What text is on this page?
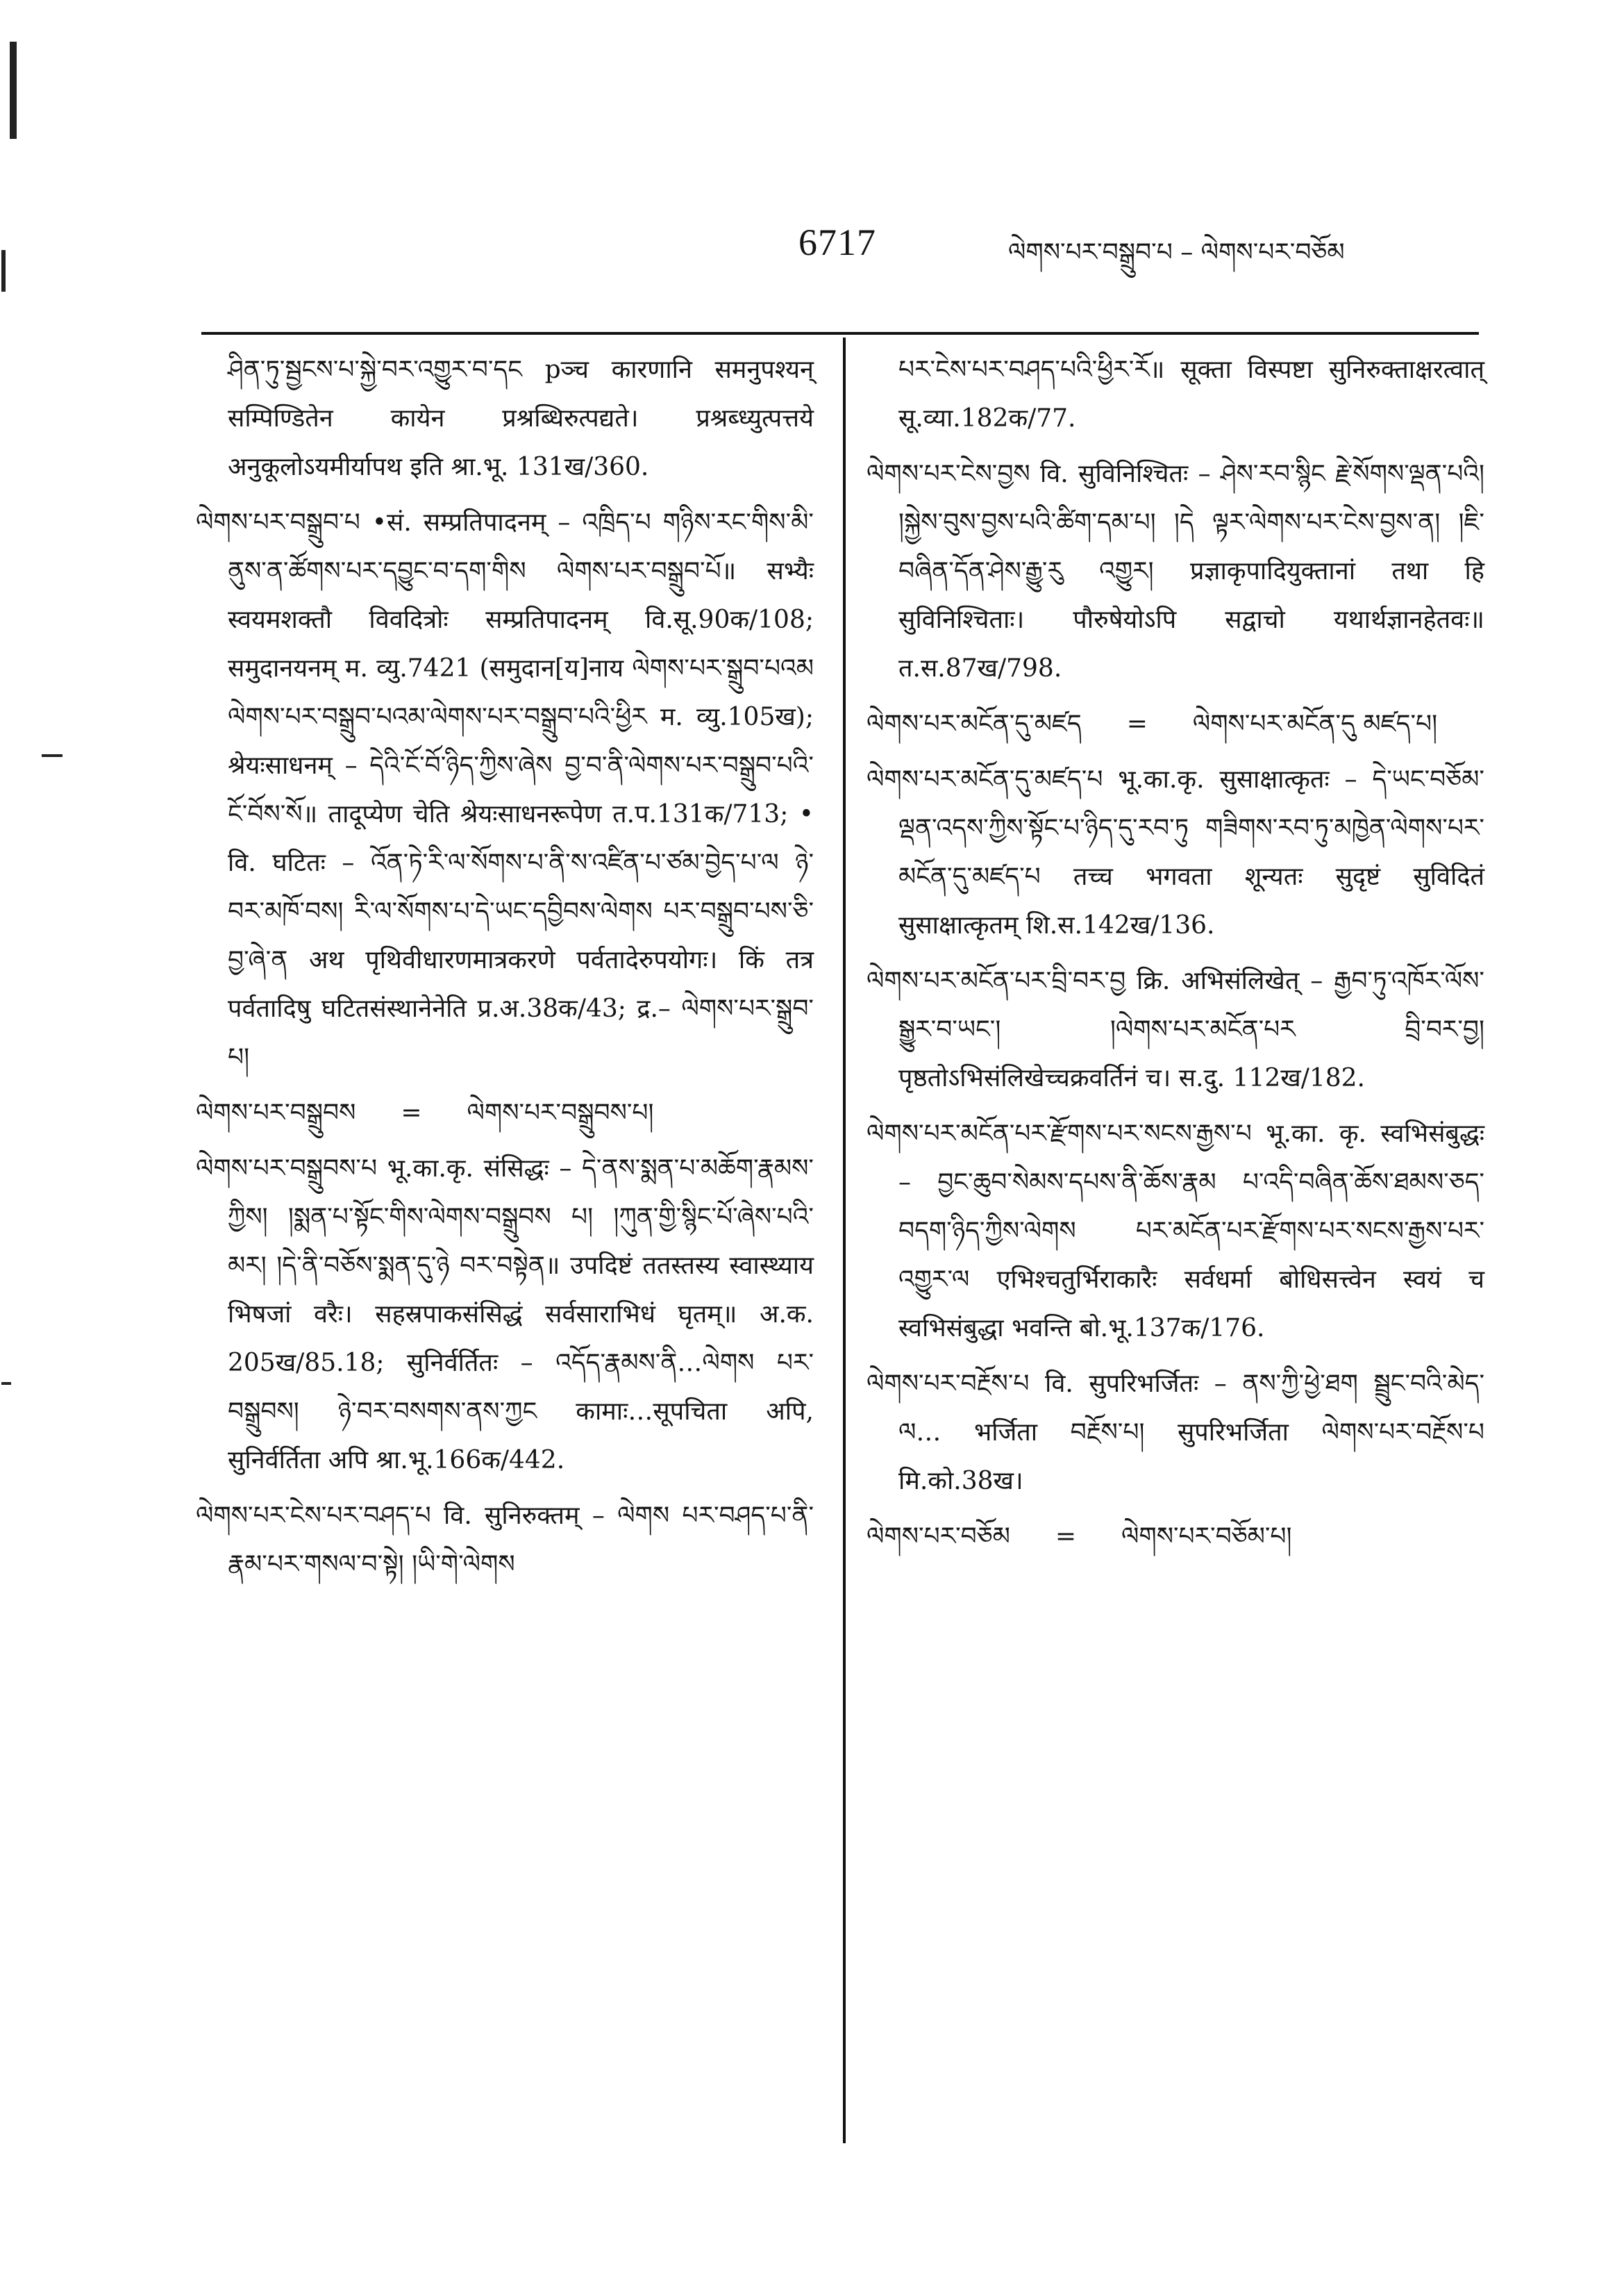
6717	ལེགས་པར་བསྒྲུབ་པ – ལེགས་པར་བཅོམ

ཤིན་ཏུ་སྦྱངས་པ་སྐྱེ་བར་འགྱུར་བ་དང pञ्च कारणानि समनुपश्यन् सम्पिण्डितेन कायेन प्रश्रब्धिरुत्पद्यते। प्रश्रब्ध्युत्पत्तये अनुकूलोऽयमीर्यापथ इति श्रा.भू. 131ख/360.

ལེགས་པར་བསྒྲུབ་པ •सं. सम्प्रतिपादनम् – འཁྲིད་པ གཉིས་རང་གིས་མི་ནུས་ན་ཚོགས་པར་དབྱུང་བ་དག་གིས ལེགས་པར་བསྒྲུབ་པོ॥ सभ्यैः स्वयमशक्तौ विवदित्रोः सम्प्रतिपादनम् वि.सू.90क/108; समुदानयनम् म. व्यु.7421 (समुदान[य]नाय ལེགས་པར་སྒྲུབ་པའམ ལེགས་པར་བསྒྲུབ་པའམ་ལེགས་པར་བསྒྲུབ་པའི་ཕྱིར म. व्यु.105ख); श्रेयःसाधनम् – དེའི་ངོ་བོ་ཉིད་ཀྱིས་ཞེས བྱ་བ་ནི་ལེགས་པར་བསྒྲུབ་པའི་ངོ་བོས་སོ॥ तादूप्येण चेति श्रेयःसाधनरूपेण त.प.131क/713; • वि. घटितः – འོན་ཏེ་རི་ལ་སོགས་པ་ནི་ས་འཛིན་པ་ཙམ་བྱེད་པ་ལ ཉེ་བར་མཁོ་བས། རི་ལ་སོགས་པ་དེ་ཡང་དབྱིབས་ལེགས པར་བསྒྲུབ་པས་ཅི་བྱ་ཞེ་ན अथ पृथिवीधारणमात्रकरणे पर्वतादेरुपयोगः। किं तत्र पर्वतादिषु घटितसंस्थानेनेति प्र.अ.38क/43; द्र.– ལེགས་པར་སྒྲུབ་པ།

ལེགས་པར་བསྒྲུབས = ལེགས་པར་བསྒྲུབས་པ།

ལེགས་པར་བསྒྲུབས་པ भू.का.कृ. संसिद्धः – དེ་ནས་སྨན་པ་མཆོག་རྣམས་ཀྱིས། །སྨན་པ་སྟོང་གིས་ལེགས་བསྒྲུབས པ། །ཀུན་གྱི་སྙིང་པོ་ཞེས་པའི་མར། །དེ་ནི་བཅོས་སྨན་དུ་ཉེ བར་བསྟེན॥ उपदिष्टं ततस्तस्य स्वास्थ्याय भिषजां वरैः। सहस्रपाकसंसिद्धं सर्वसाराभिधं घृतम्॥ अ.क. 205ख/85.18; सुनिर्वर्तितः – འདོད་རྣམས་ནི…ལེགས པར་བསྒྲུབས། ཉེ་བར་བསགས་ནས་ཀྱང कामाः…सूपचिता अपि, सुनिर्वर्तिता अपि श्रा.भू.166क/442.

ལེགས་པར་ངེས་པར་བཤད་པ वि. सुनिरुक्तम् – ལེགས པར་བཤད་པ་ནི་རྣམ་པར་གསལ་བ་སྟེ། །ཡི་གེ་ལེགས

པར་ངེས་པར་བཤད་པའི་ཕྱིར་རོ॥ सूक्ता विस्पष्टा सुनिरुक्ताक्षरत्वात् सू.व्या.182क/77.

ལེགས་པར་ངེས་བྱས वि. सुविनिश्चितः – ཤེས་རབ་སྙིང རྗེ་སོགས་ལྡན་པའི། །སྐྱེས་བུས་བྱས་པའི་ཚིག་དམ་པ། །དེ ལྟར་ལེགས་པར་ངེས་བྱས་ན། །ཇི་བཞིན་དོན་ཤེས་རྒྱུ་རུ འགྱུར། प्रज्ञाकृपादियुक्तानां तथा हि सुविनिश्चिताः। पौरुषेयोऽपि सद्वाचो यथार्थज्ञानहेतवः॥ त.स.87ख/798.

ལེགས་པར་མངོན་དུ་མཛད = ལེགས་པར་མངོན་དུ མཛད་པ།

ལེགས་པར་མངོན་དུ་མཛད་པ भू.का.कृ. सुसाक्षात्कृतः – དེ་ཡང་བཅོམ་ལྡན་འདས་ཀྱིས་སྟོང་པ་ཉིད་དུ་རབ་ཏུ གཟིགས་རབ་ཏུ་མཁྱེན་ལེགས་པར་མངོན་དུ་མཛད་པ तच्च भगवता शून्यतः सुदृष्टं सुविदितं सुसाक्षात्कृतम् शि.स.142ख/136.

ལེགས་པར་མངོན་པར་བྲི་བར་བྱ क्रि. अभिसंलिखेत् – རྒྱབ་ཏུ་འཁོར་ལོས་སྒྱུར་བ་ཡང་། །ལེགས་པར་མངོན་པར བྲི་བར་བྱ། पृष्ठतोऽभिसंलिखेच्चक्रवर्तिनं च। स.दु. 112ख/182.

ལེགས་པར་མངོན་པར་རྫོགས་པར་སངས་རྒྱས་པ भू.का. कृ. स्वभिसंबुद्धः – བྱང་ཆུབ་སེམས་དཔས་ནི་ཆོས་རྣམ པ་འདི་བཞིན་ཆོས་ཐམས་ཅད་བདག་ཉིད་ཀྱིས་ལེགས པར་མངོན་པར་རྫོགས་པར་སངས་རྒྱས་པར་འགྱུར་ལ एभिश्चतुर्भिराकारैः सर्वधर्मा बोधिसत्त्वेन स्वयं च स्वभिसंबुद्धा भवन्ति बो.भू.137क/176.

ལེགས་པར་བརྔོས་པ वि. सुपरिभर्जितः – ནས་ཀྱི་ཕྱེ་ཐག སྦྲུང་བའི་མེད་ལ… भर्जिता བརྔོས་པ། सुपरिभर्जिता ལེགས་པར་བརྔོས་པ मि.को.38ख।

ལེགས་པར་བཅོམ = ལེགས་པར་བཅོམ་པ།
